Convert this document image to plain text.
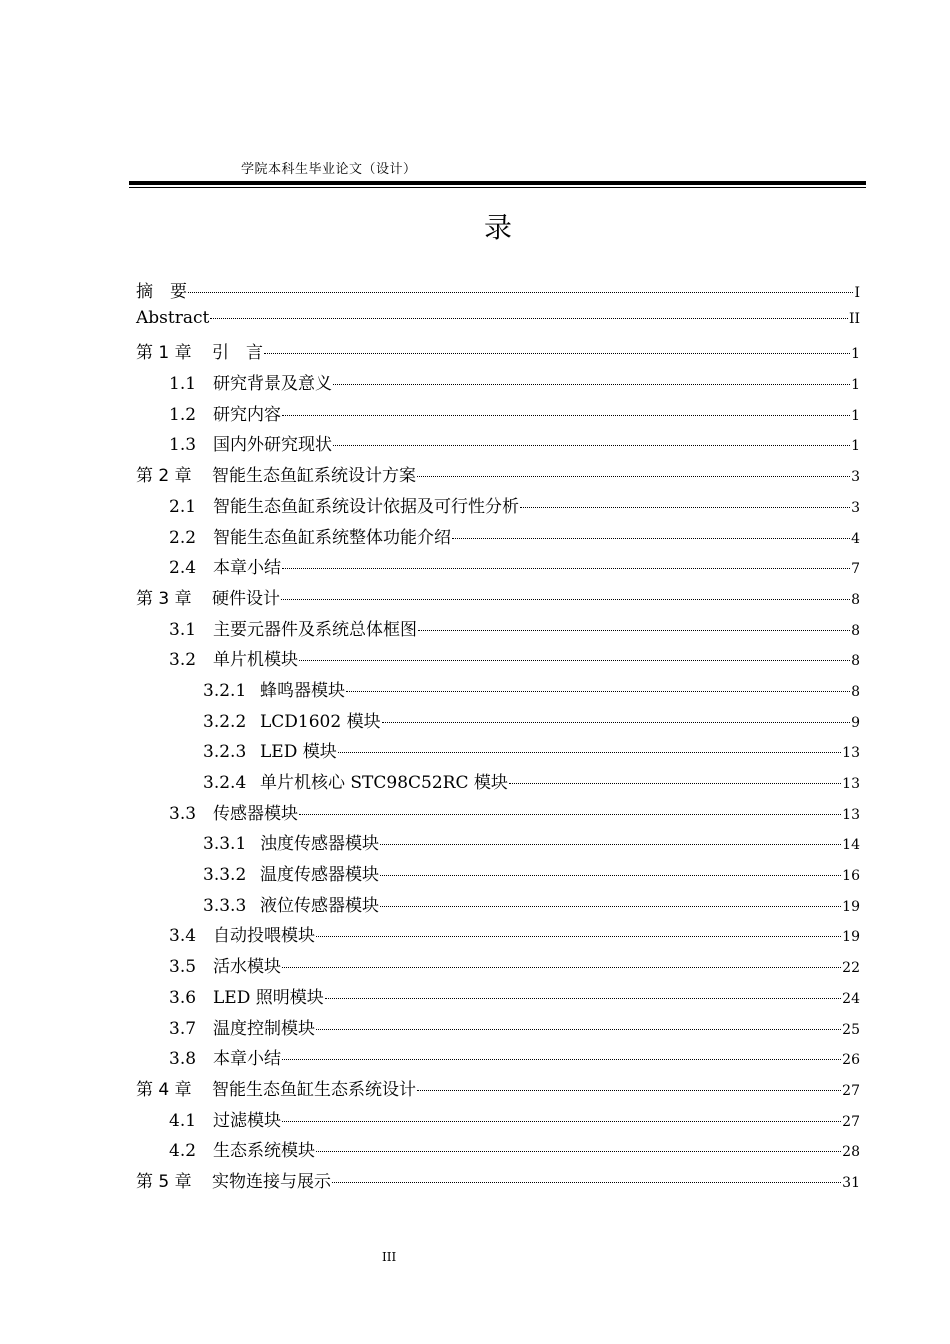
学院本科生毕业论文（设计）
录
摘　要	I
Abstract	II
第 1 章	引　言	1
1.1 研究背景及意义	1
1.2 研究内容	1
1.3 国内外研究现状	1
第 2 章	智能生态鱼缸系统设计方案	3
2.1 智能生态鱼缸系统设计依据及可行性分析	3
2.2 智能生态鱼缸系统整体功能介绍	4
2.4 本章小结	7
第 3 章	硬件设计	8
3.1 主要元器件及系统总体框图	8
3.2 单片机模块	8
3.2.1 蜂鸣器模块	8
3.2.2 LCD1602 模块	9
3.2.3 LED 模块	13
3.2.4 单片机核心 STC98C52RC 模块	13
3.3 传感器模块	13
3.3.1 浊度传感器模块	14
3.3.2 温度传感器模块	16
3.3.3 液位传感器模块	19
3.4 自动投喂模块	19
3.5 活水模块	22
3.6 LED 照明模块	24
3.7 温度控制模块	25
3.8 本章小结	26
第 4 章	智能生态鱼缸生态系统设计	27
4.1 过滤模块	27
4.2 生态系统模块	28
第 5 章	实物连接与展示	31
III
